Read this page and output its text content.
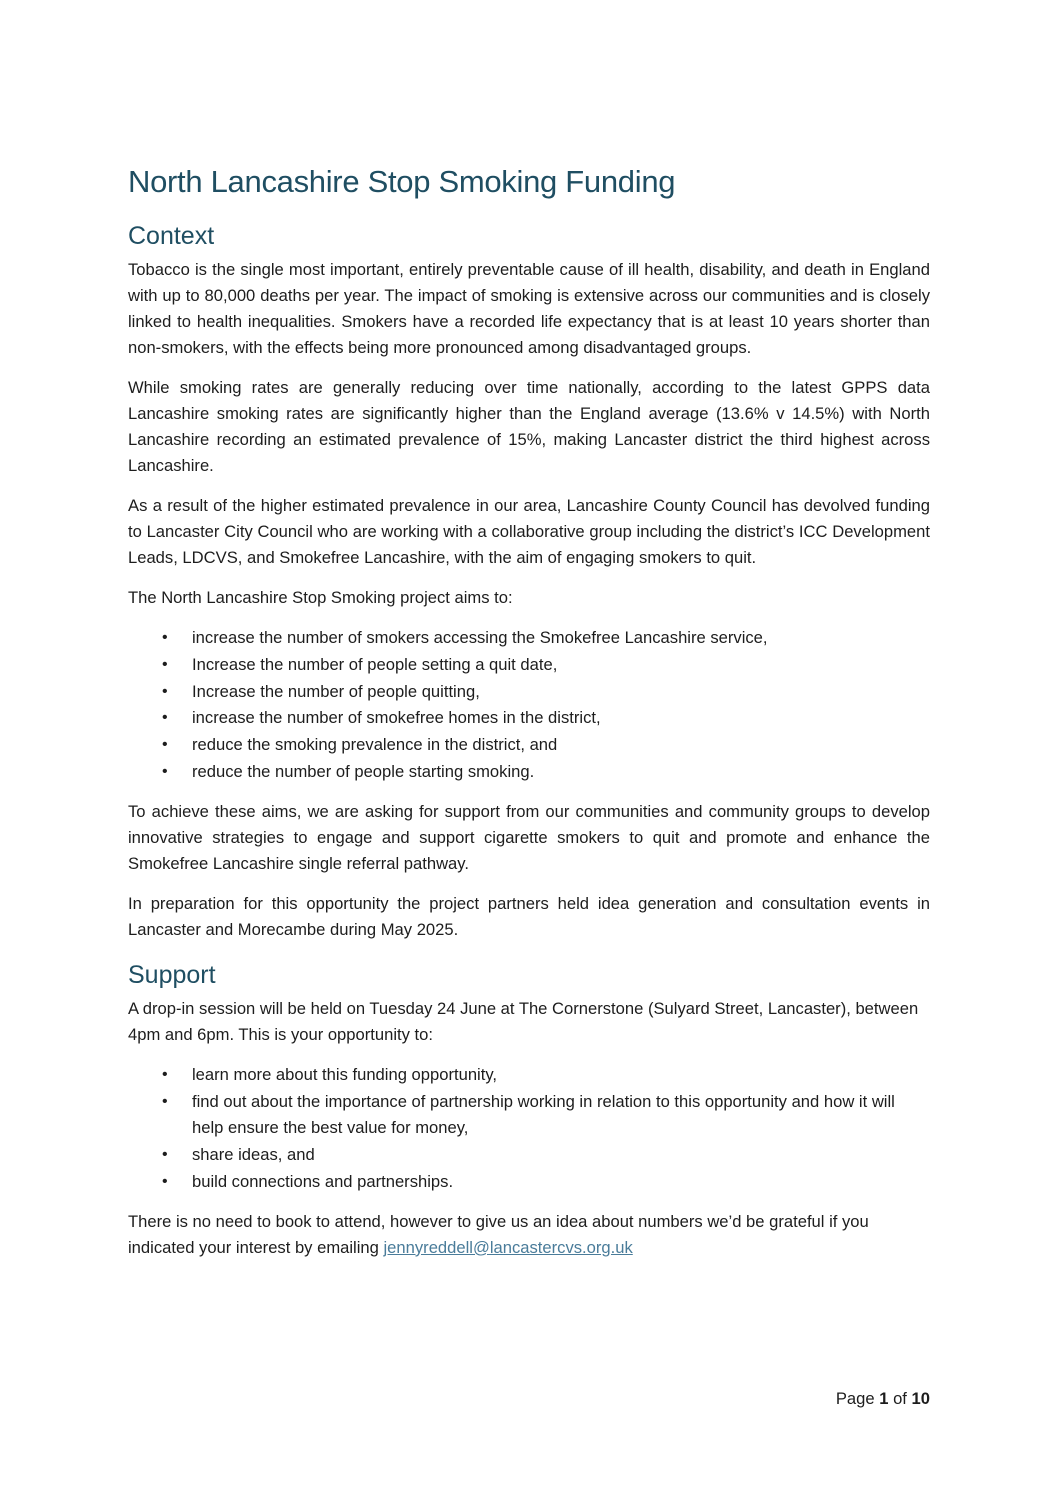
North Lancashire Stop Smoking Funding
Context

Tobacco is the single most important, entirely preventable cause of ill health, disability, and death in England with up to 80,000 deaths per year. The impact of smoking is extensive across our communities and is closely linked to health inequalities. Smokers have a recorded life expectancy that is at least 10 years shorter than non-smokers, with the effects being more pronounced among disadvantaged groups.

While smoking rates are generally reducing over time nationally, according to the latest GPPS data Lancashire smoking rates are significantly higher than the England average (13.6% v 14.5%) with North Lancashire recording an estimated prevalence of 15%, making Lancaster district the third highest across Lancashire.

As a result of the higher estimated prevalence in our area, Lancashire County Council has devolved funding to Lancaster City Council who are working with a collaborative group including the district’s ICC Development Leads, LDCVS, and Smokefree Lancashire, with the aim of engaging smokers to quit.

The North Lancashire Stop Smoking project aims to:

• increase the number of smokers accessing the Smokefree Lancashire service,
• Increase the number of people setting a quit date,
• Increase the number of people quitting,
• increase the number of smokefree homes in the district,
• reduce the smoking prevalence in the district, and
• reduce the number of people starting smoking.

To achieve these aims, we are asking for support from our communities and community groups to develop innovative strategies to engage and support cigarette smokers to quit and promote and enhance the Smokefree Lancashire single referral pathway.

In preparation for this opportunity the project partners held idea generation and consultation events in Lancaster and Morecambe during May 2025.

Support

A drop-in session will be held on Tuesday 24 June at The Cornerstone (Sulyard Street, Lancaster), between 4pm and 6pm. This is your opportunity to:

• learn more about this funding opportunity,
• find out about the importance of partnership working in relation to this opportunity and how it will help ensure the best value for money,
• share ideas, and
• build connections and partnerships.

There is no need to book to attend, however to give us an idea about numbers we’d be grateful if you indicated your interest by emailing jennyreddell@lancastercvs.org.uk

Page 1 of 10
